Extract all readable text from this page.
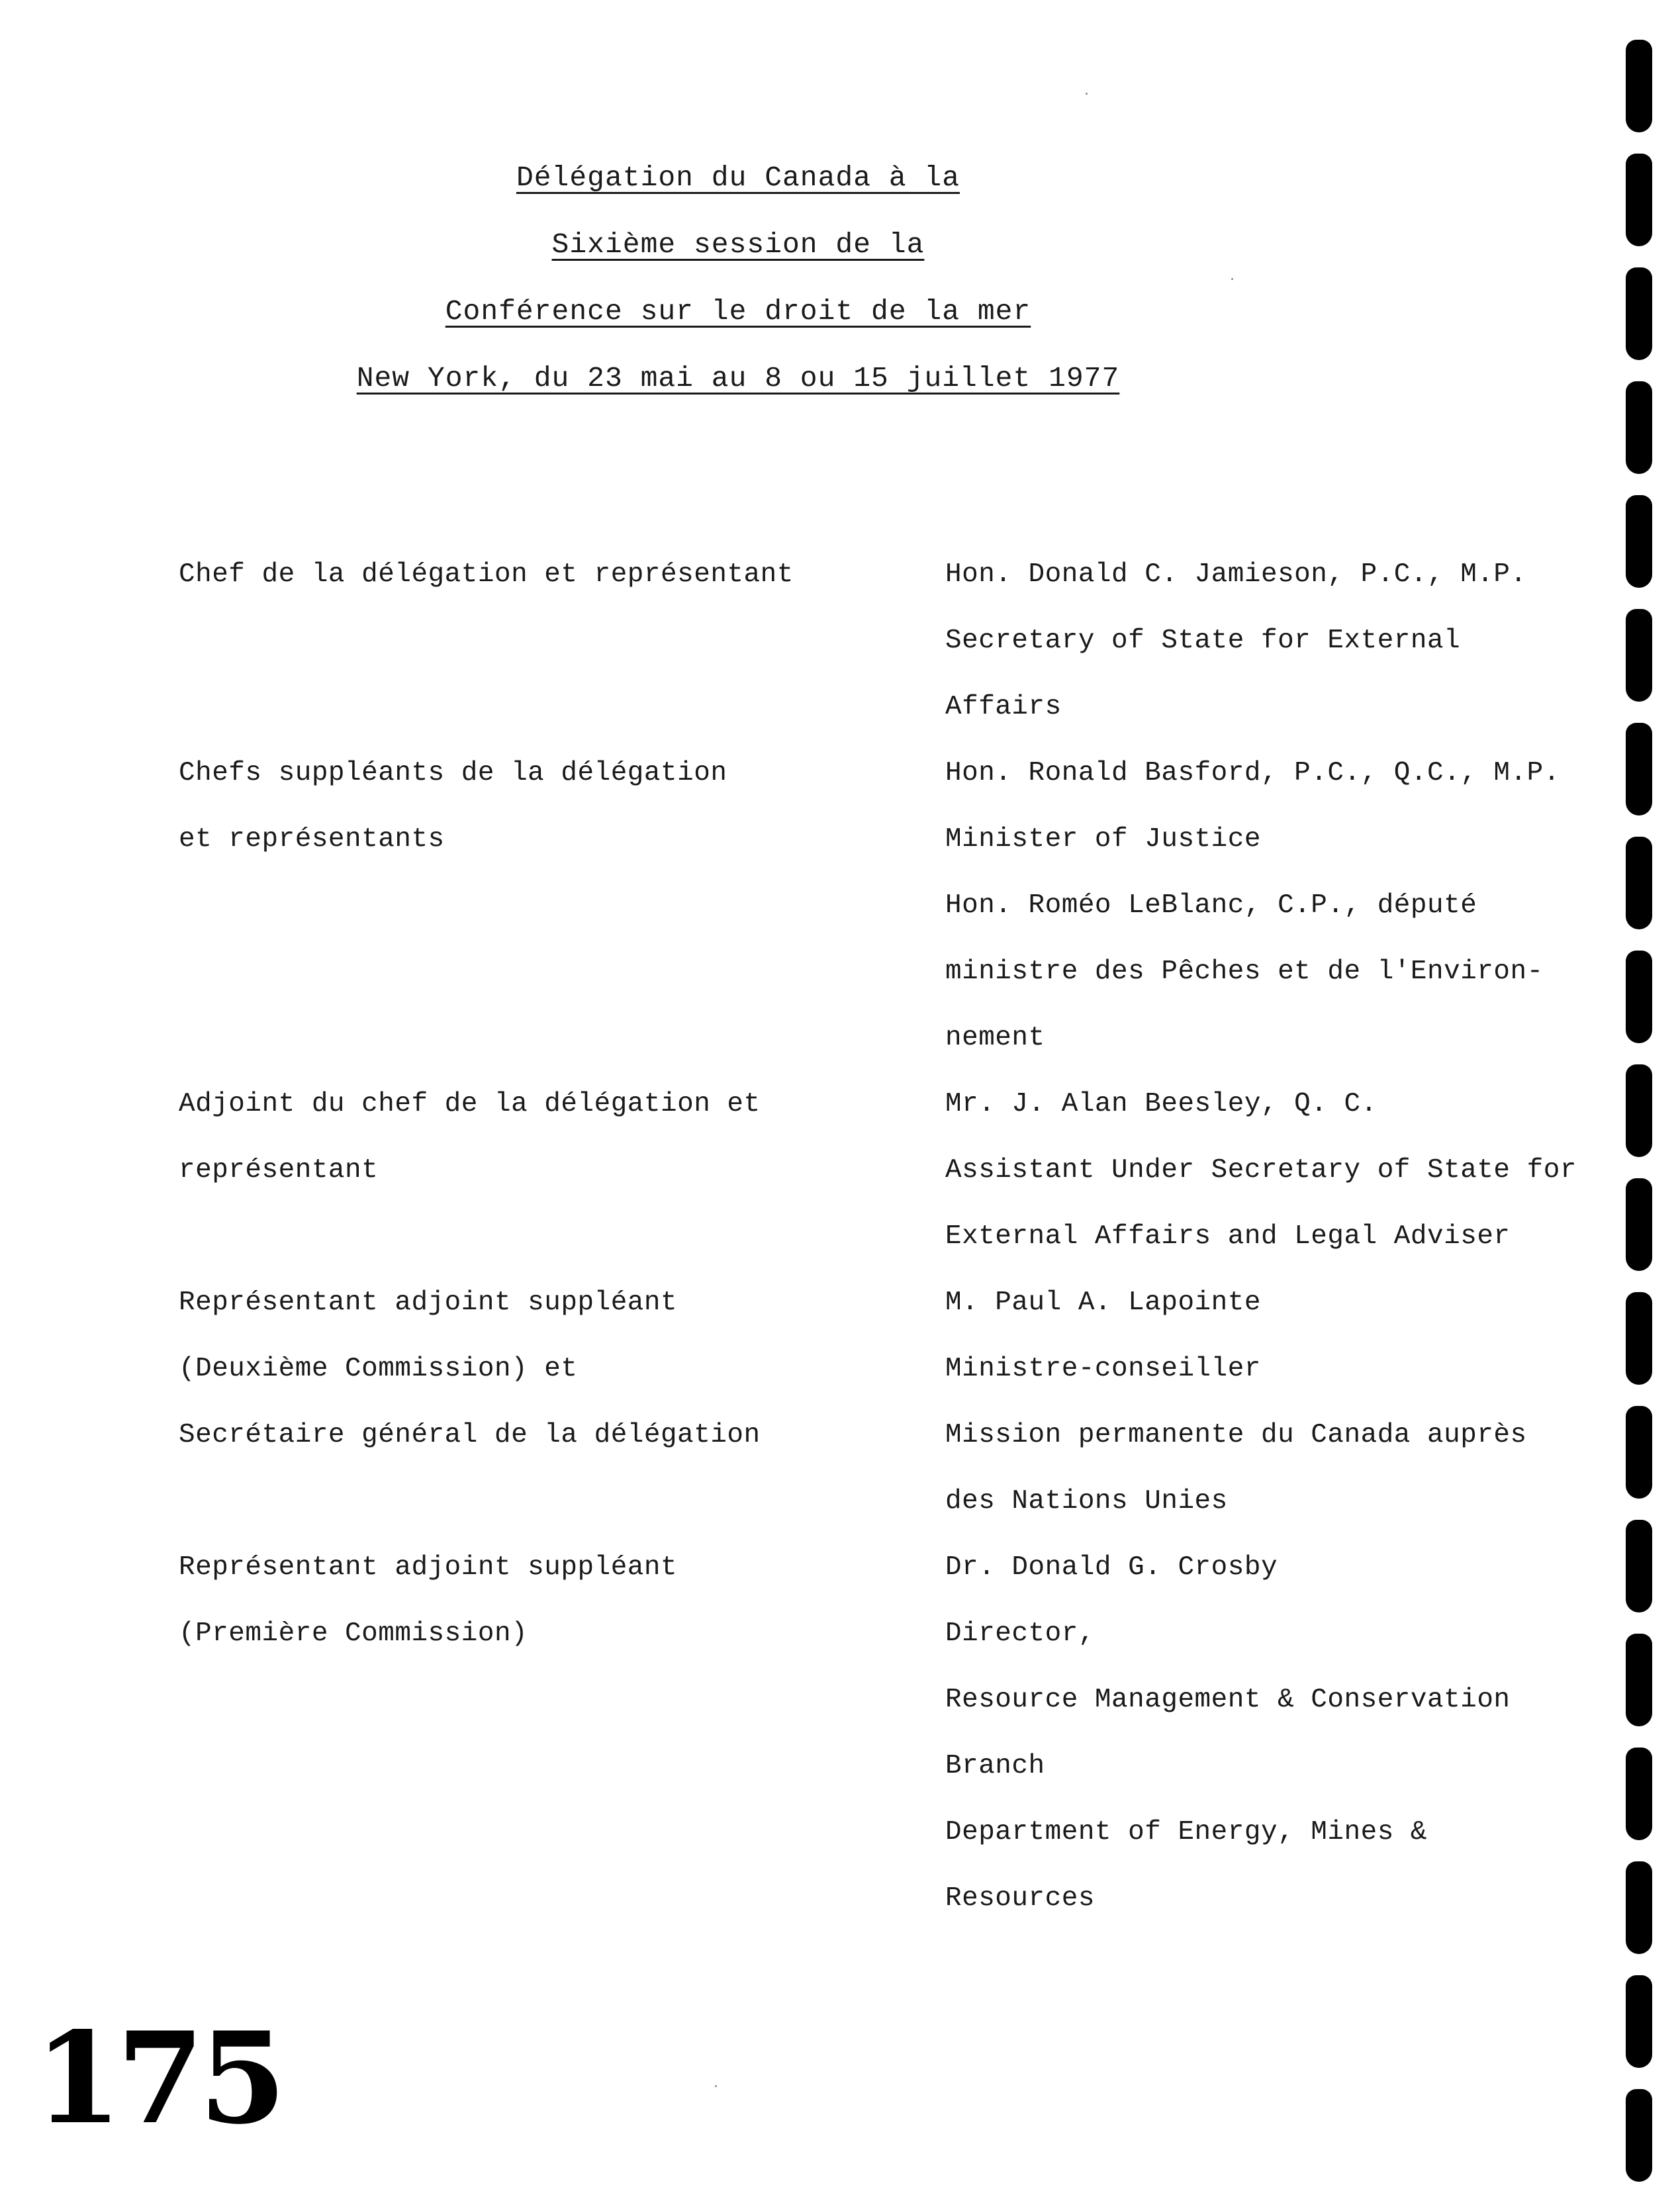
Délégation du Canada à la
Sixième session de la
Conférence sur le droit de la mer
New York, du 23 mai au 8 ou 15 juillet 1977
Chef de la délégation et représentant	Hon. Donald C. Jamieson, P.C., M.P.
Secretary of State for External
Affairs
Chefs suppléants de la délégation
et représentants
Hon. Ronald Basford, P.C., Q.C., M.P.
Minister of Justice
Hon. Roméo LeBlanc, C.P., député
ministre des Pêches et de l'Environ-
nement
Adjoint du chef de la délégation et
représentant
Mr. J. Alan Beesley, Q. C.
Assistant Under Secretary of State for
External Affairs and Legal Adviser
Représentant adjoint suppléant
(Deuxième Commission) et
Secrétaire général de la délégation
M. Paul A. Lapointe
Ministre-conseiller
Mission permanente du Canada auprès
des Nations Unies
Représentant adjoint suppléant
(Première Commission)
Dr. Donald G. Crosby
Director,
Resource Management & Conservation
Branch
Department of Energy, Mines &
Resources
175
